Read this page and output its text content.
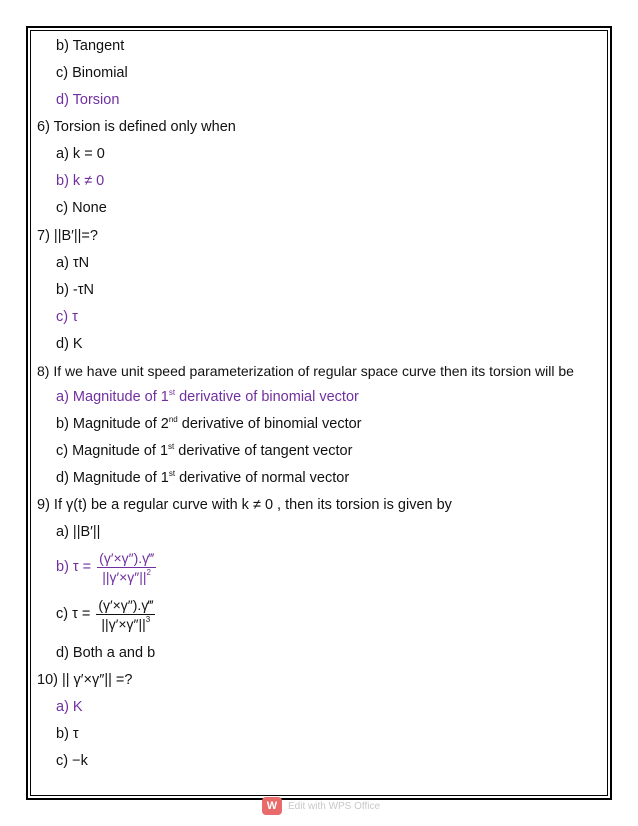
b) Tangent
c) Binomial
d) Torsion
6) Torsion is defined only when
a) k = 0
b) k ≠ 0
c) None
7) ||B′||=?
a) τN
b) -τN
c) τ
d) K
8) If we have unit speed parameterization of regular space curve then its torsion will be
a) Magnitude of 1st derivative of binomial vector
b) Magnitude of 2nd derivative of binomial vector
c) Magnitude of 1st derivative of tangent vector
d) Magnitude of 1st derivative of normal vector
9) If γ(t) be a regular curve with k ≠ 0 , then its torsion is given by
a) ||B′||
b) $\tau = \frac{(\gamma'\times\gamma'').\gamma‴}{||\gamma'\times\gamma''||^2}$
c) $\tau = \frac{(\gamma'\times\gamma'').\gamma‴}{||\gamma'\times\gamma''||^3}$
d) Both a and b
10) || γ′×γ″|| =?
a) K
b) τ
c) −k
W	Edit with WPS Office
